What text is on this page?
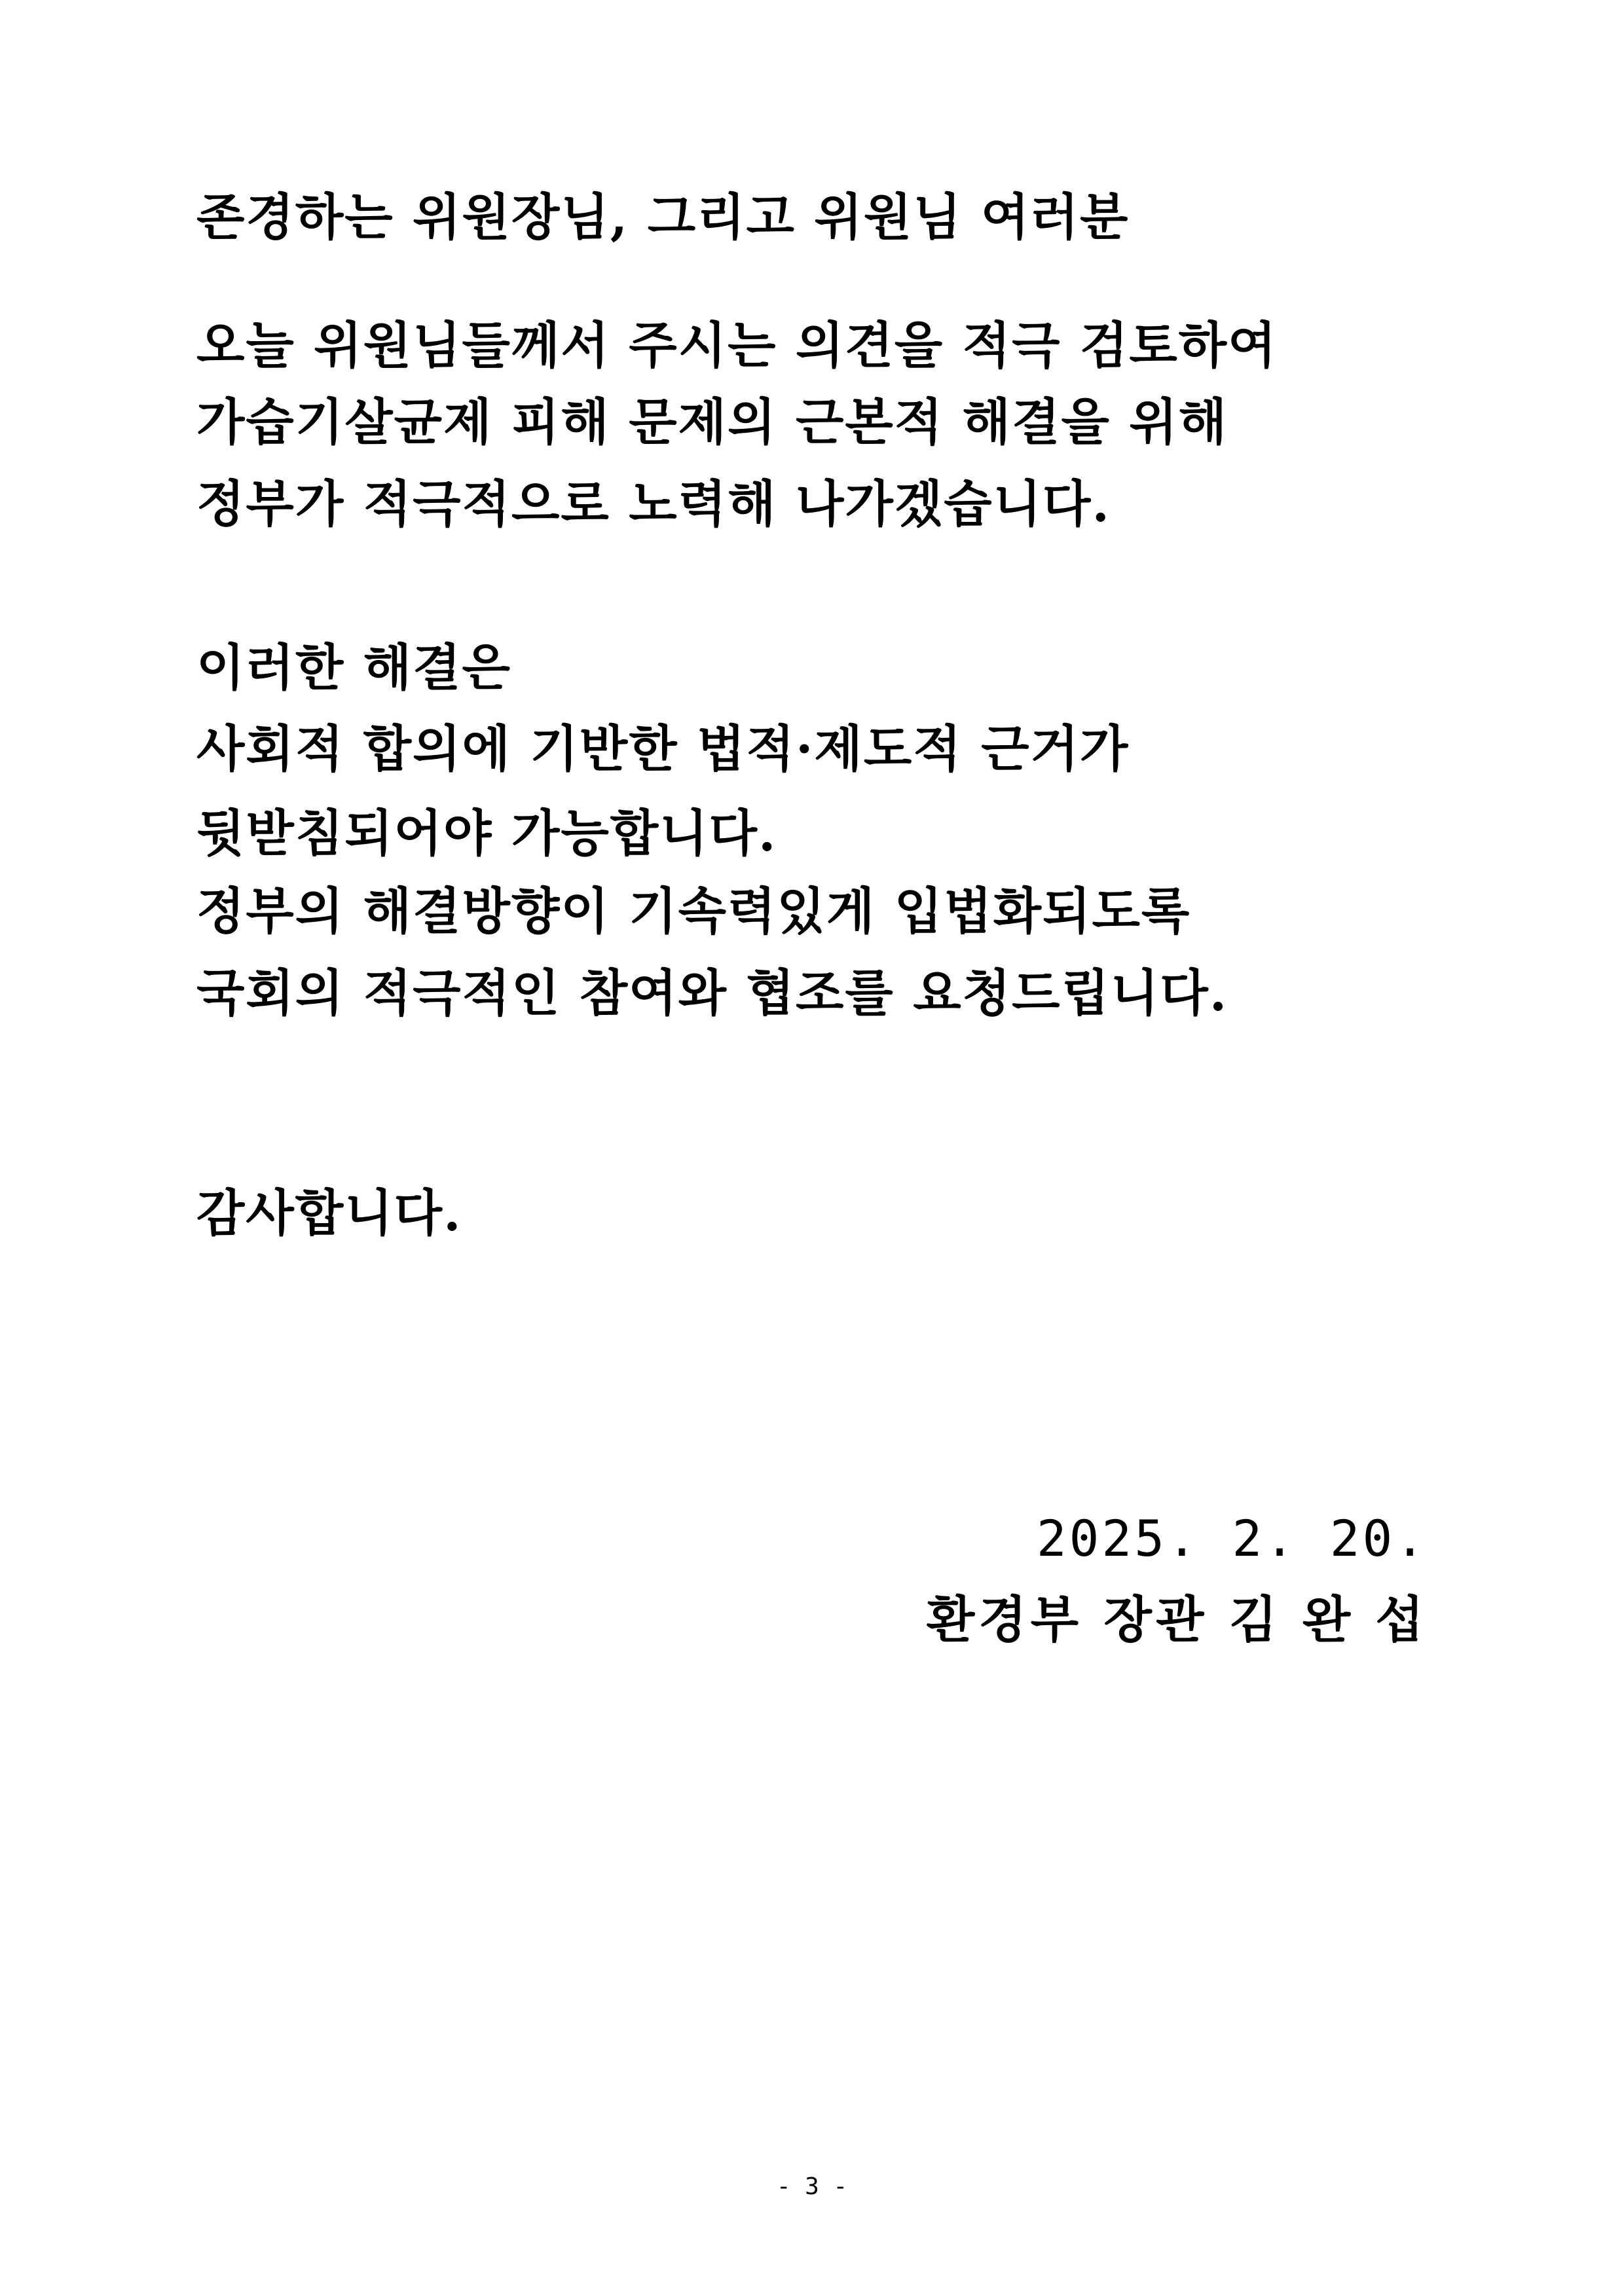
존경하는 위원장님, 그리고 위원님 여러분
오늘 위원님들께서 주시는 의견을 적극 검토하여
가습기살균제 피해 문제의 근본적 해결을 위해
정부가 적극적으로 노력해 나가겠습니다.
이러한 해결은
사회적 합의에 기반한 법적·제도적 근거가
뒷받침되어야 가능합니다.
정부의 해결방향이 기속력있게 입법화되도록
국회의 적극적인 참여와 협조를 요청드립니다.
감사합니다.
2025. 2. 20.
환경부 장관 김 완 섭
- 3 -
